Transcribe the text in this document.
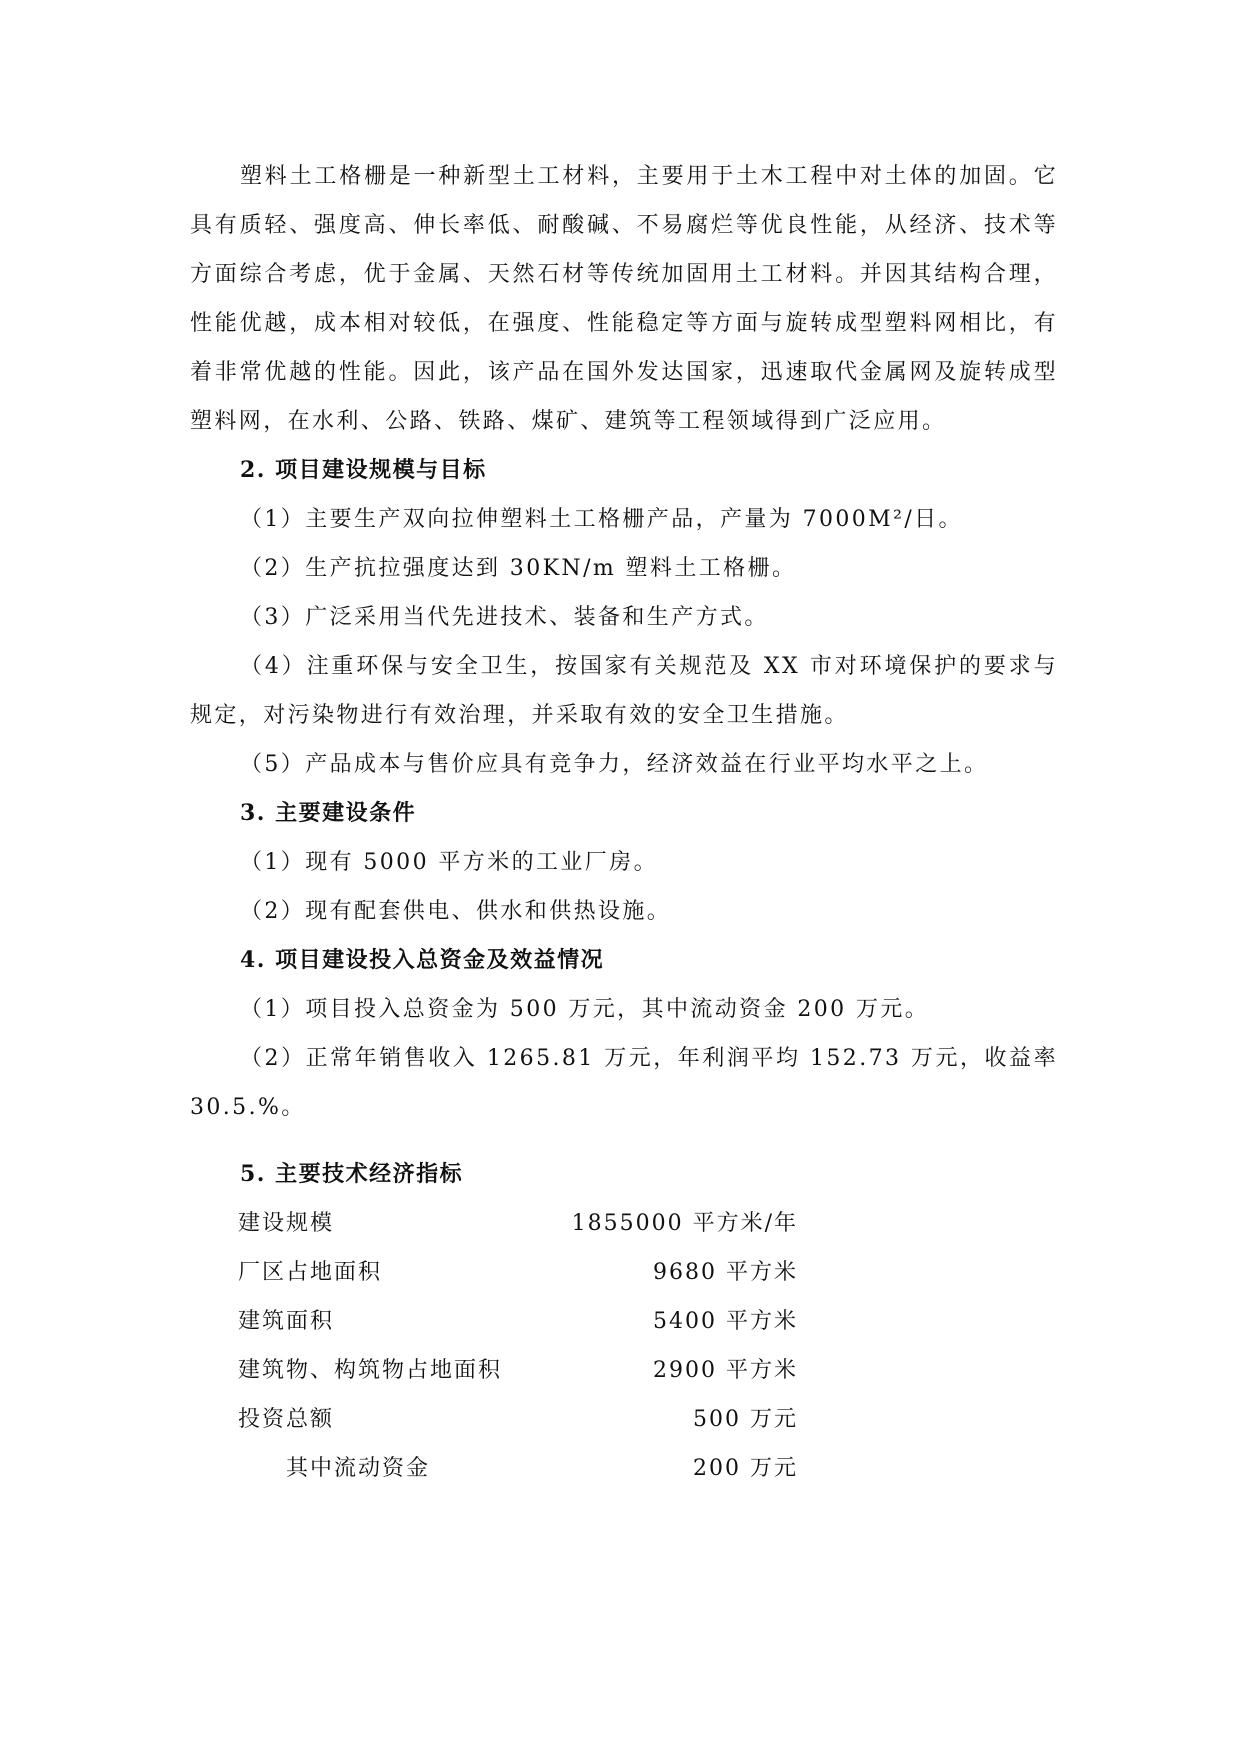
塑料土工格栅是一种新型土工材料，主要用于土木工程中对土体的加固。它具有质轻、强度高、伸长率低、耐酸碱、不易腐烂等优良性能，从经济、技术等方面综合考虑，优于金属、天然石材等传统加固用土工材料。并因其结构合理，性能优越，成本相对较低，在强度、性能稳定等方面与旋转成型塑料网相比，有着非常优越的性能。因此，该产品在国外发达国家，迅速取代金属网及旋转成型塑料网，在水利、公路、铁路、煤矿、建筑等工程领域得到广泛应用。

2. 项目建设规模与目标

（1）主要生产双向拉伸塑料土工格栅产品，产量为 7000M²/日。

（2）生产抗拉强度达到 30KN/m 塑料土工格栅。

（3）广泛采用当代先进技术、装备和生产方式。

（4）注重环保与安全卫生，按国家有关规范及 XX 市对环境保护的要求与规定，对污染物进行有效治理，并采取有效的安全卫生措施。

（5）产品成本与售价应具有竞争力，经济效益在行业平均水平之上。

3. 主要建设条件

（1）现有 5000 平方米的工业厂房。

（2）现有配套供电、供水和供热设施。

4. 项目建设投入总资金及效益情况

（1）项目投入总资金为 500 万元，其中流动资金 200 万元。

（2）正常年销售收入 1265.81 万元，年利润平均 152.73 万元，收益率 30.5.%。

5. 主要技术经济指标
建设规模	1855000 平方米/年
厂区占地面积	9680 平方米
建筑面积	5400 平方米
建筑物、构筑物占地面积	2900 平方米
投资总额	500 万元
其中流动资金	200 万元
